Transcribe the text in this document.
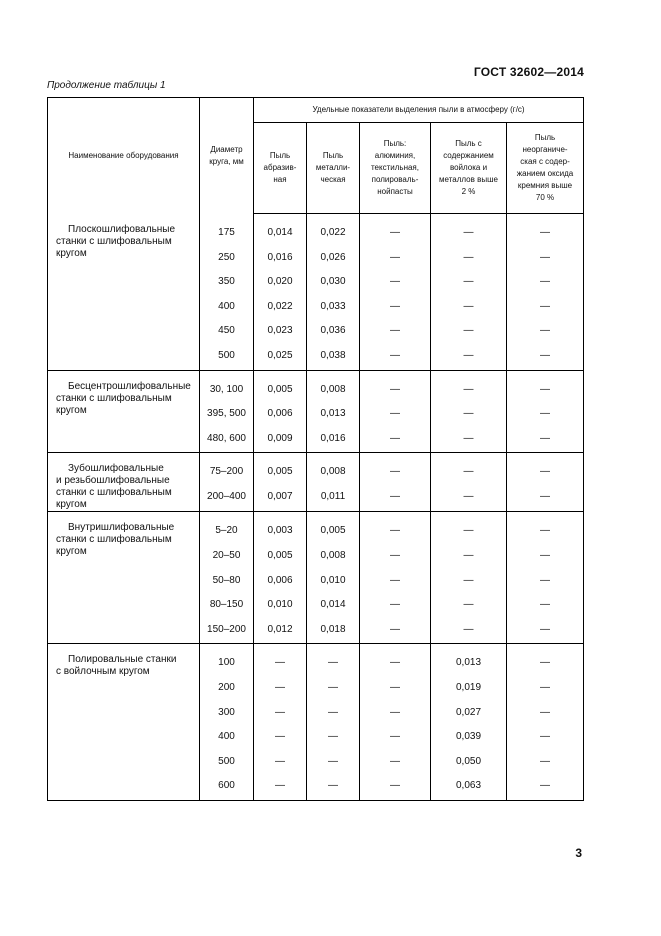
ГОСТ 32602—2014
Продолжение таблицы 1
Наименование оборудования	Диаметр круга, мм	Удельные показатели выделения пыли в атмосферу (г/с)				
		Пыль абразив-ная	Пыль металли-ческая	Пыль: алюминия, текстильная, полироваль-нойпасты	Пыль с содержанием войлока и металлов выше 2 %	Пыль неорганиче-ская с содер-жанием оксида кремния выше 70 %

Плоскошлифовальные
станки с шлифовальным
кругом	175	0,014	0,022	—	—	—
	250	0,016	0,026	—	—	—
	350	0,020	0,030	—	—	—
	400	0,022	0,033	—	—	—
	450	0,023	0,036	—	—	—
	500	0,025	0,038	—	—	—

Бесцентрошлифовальные
станки с шлифовальным
кругом	30, 100	0,005	0,008	—	—	—
	395, 500	0,006	0,013	—	—	—
	480, 600	0,009	0,016	—	—	—

Зубошлифовальные
и резьбошлифовальные
станки с шлифовальным
кругом	75–200	0,005	0,008	—	—	—
	200–400	0,007	0,011	—	—	—

Внутришлифовальные
станки с шлифовальным
кругом	5–20	0,003	0,005	—	—	—
	20–50	0,005	0,008	—	—	—
	50–80	0,006	0,010	—	—	—
	80–150	0,010	0,014	—	—	—
	150–200	0,012	0,018	—	—	—

Полировальные станки
с войлочным кругом	100	—	—	—	0,013	—
	200	—	—	—	0,019	—
	300	—	—	—	0,027	—
	400	—	—	—	0,039	—
	500	—	—	—	0,050	—
	600	—	—	—	0,063	—
3
